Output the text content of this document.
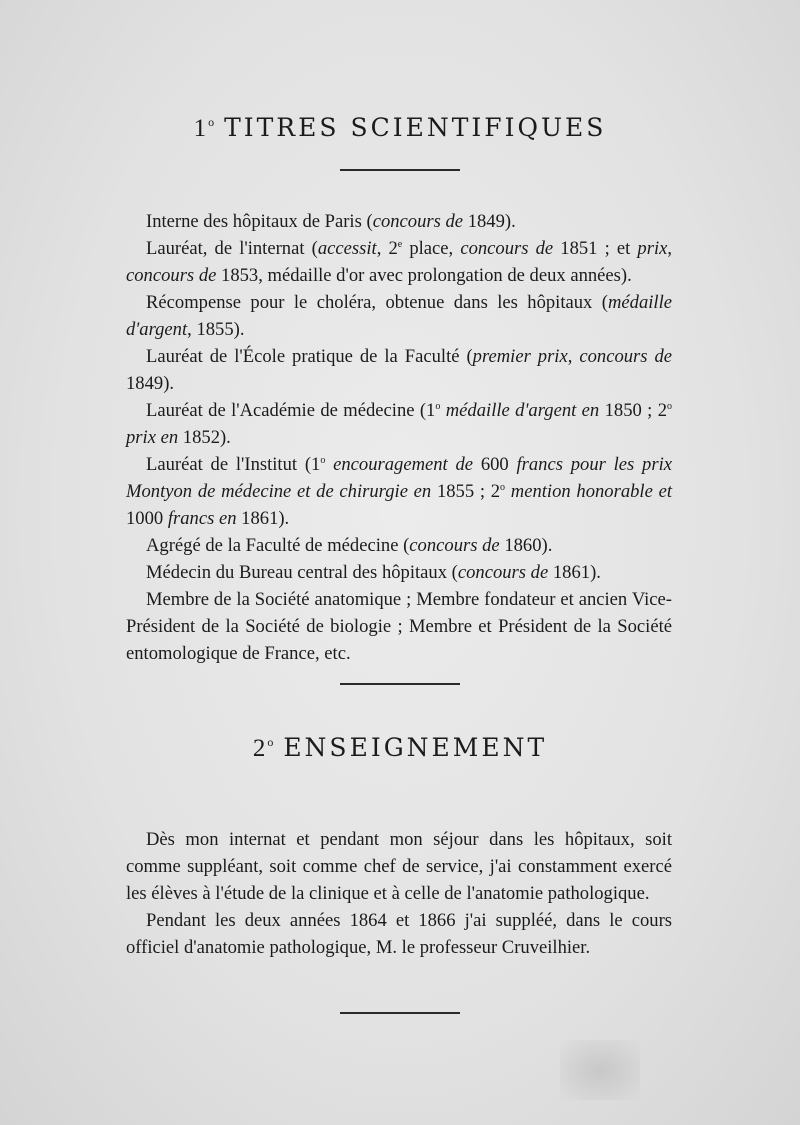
1$^o$ TITRES SCIENTIFIQUES

Interne des hôpitaux de Paris (concours de 1849).

Lauréat, de l'internat (accessit, 2e place, concours de 1851 ; et prix, concours de 1853, médaille d'or avec prolongation de deux années).

Récompense pour le choléra, obtenue dans les hôpitaux (médaille d'argent, 1855).

Lauréat de l'École pratique de la Faculté (premier prix, concours de 1849).

Lauréat de l'Académie de médecine (1$^o$ médaille d'argent en 1850 ; 2$^o$ prix en 1852).

Lauréat de l'Institut (1$^o$ encouragement de 600 francs pour les prix Montyon de médecine et de chirurgie en 1855 ; 2$^o$ mention honorable et 1000 francs en 1861).

Agrégé de la Faculté de médecine (concours de 1860).

Médecin du Bureau central des hôpitaux (concours de 1861).

Membre de la Société anatomique ; Membre fondateur et ancien Vice-Président de la Société de biologie ; Membre et Président de la Société entomologique de France, etc.

2$^o$ ENSEIGNEMENT

Dès mon internat et pendant mon séjour dans les hôpitaux, soit comme suppléant, soit comme chef de service, j'ai constamment exercé les élèves à l'étude de la clinique et à celle de l'anatomie pathologique.

Pendant les deux années 1864 et 1866 j'ai suppléé, dans le cours officiel d'anatomie pathologique, M. le professeur Cruveilhier.
